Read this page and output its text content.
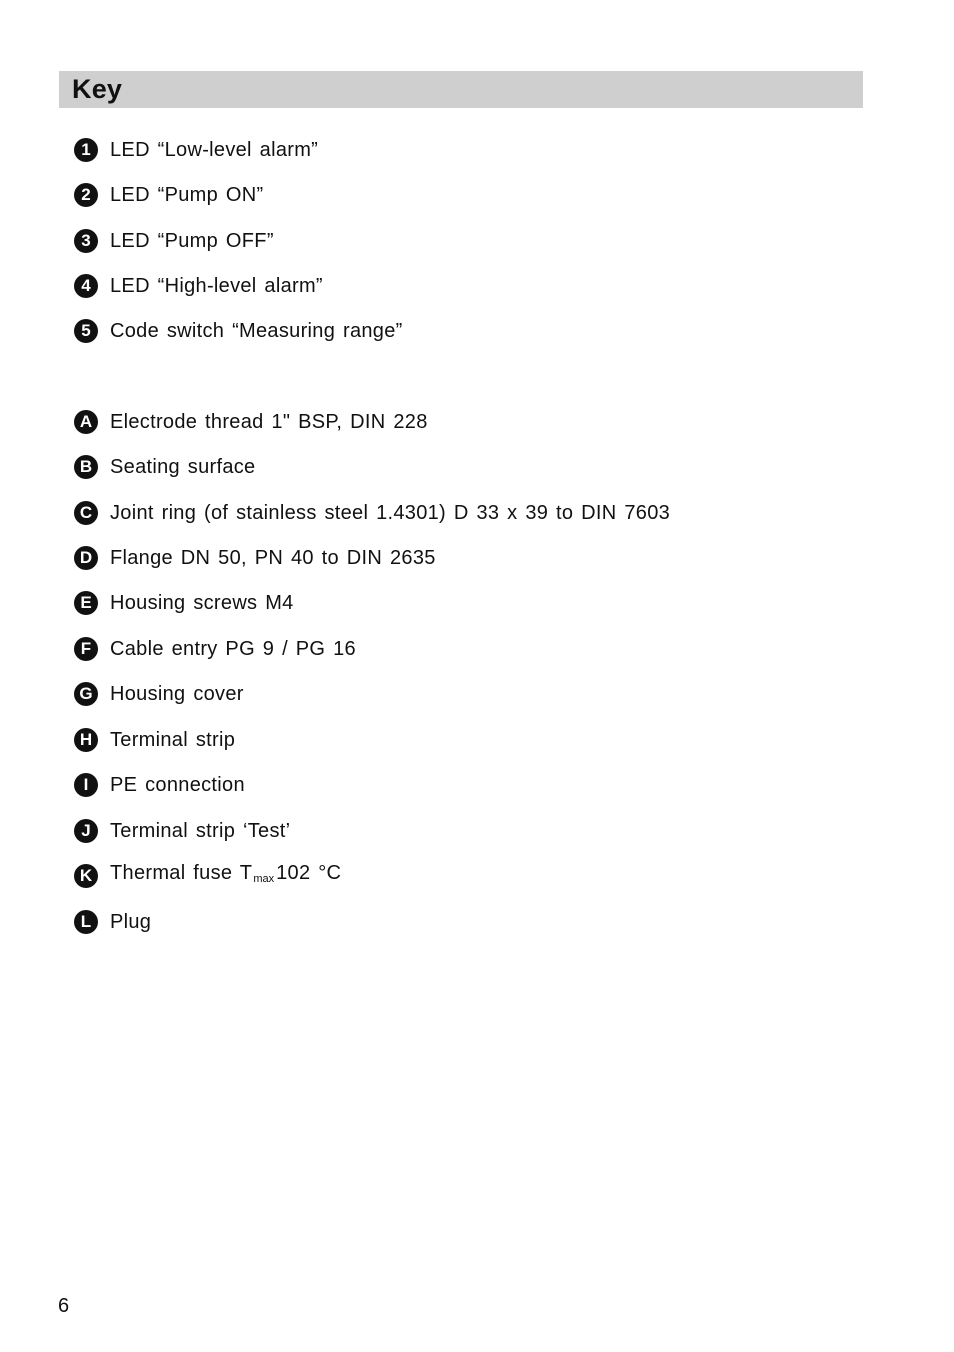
Key
1 LED “Low-level alarm”
2 LED “Pump ON”
3 LED “Pump OFF”
4 LED “High-level alarm”
5 Code switch “Measuring range”
A Electrode thread 1" BSP, DIN 228
B Seating surface
C Joint ring (of stainless steel 1.4301) D 33 x 39 to DIN 7603
D Flange DN 50, PN 40 to DIN 2635
E Housing screws M4
F Cable entry PG 9 / PG 16
G Housing cover
H Terminal strip
I	PE connection
J Terminal strip ‘Test’
K Thermal fuse $T_{max}$ 102 °C
L Plug
6
